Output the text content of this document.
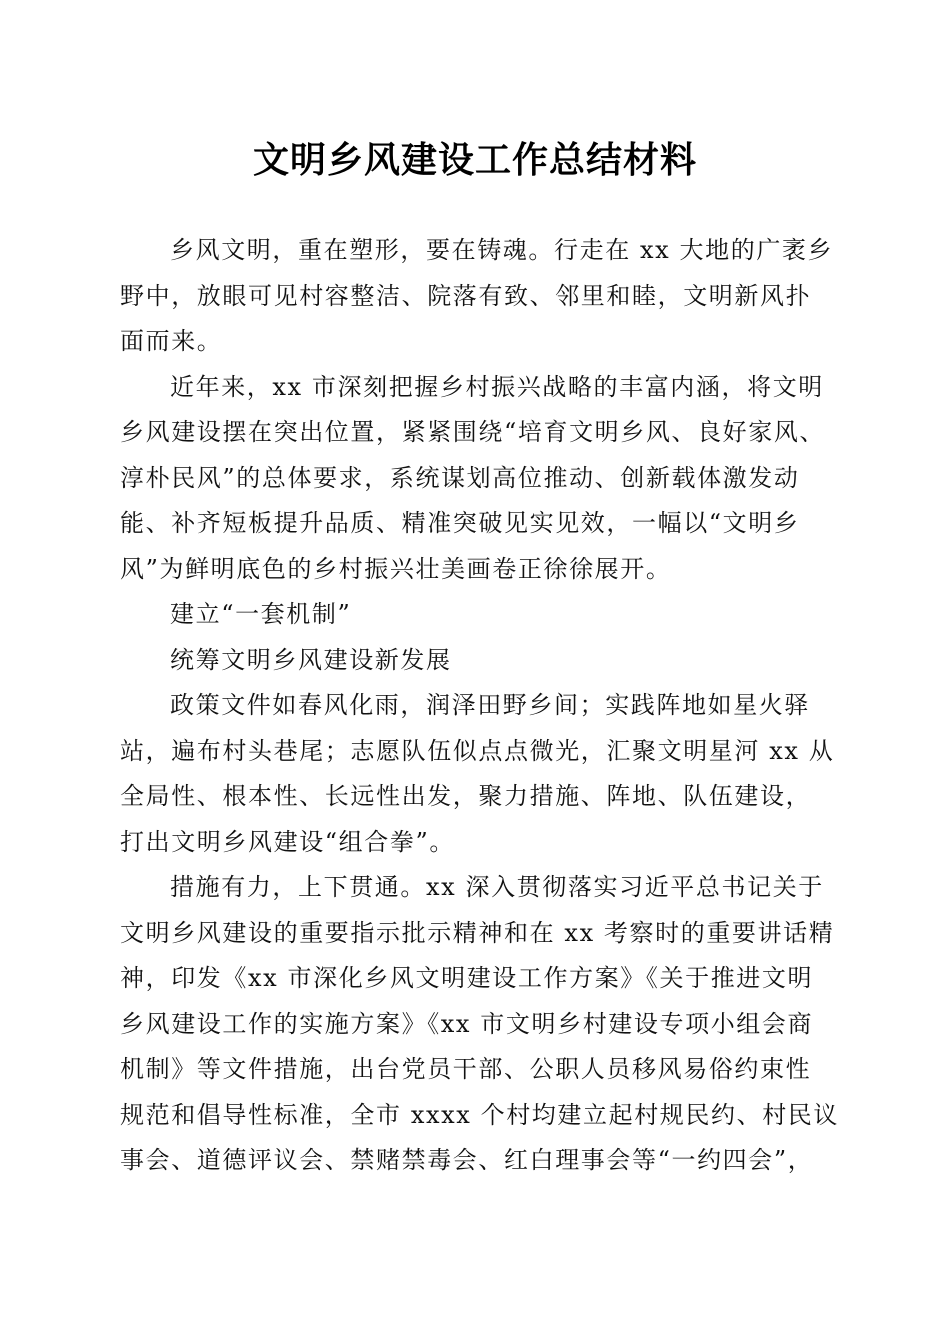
文明乡风建设工作总结材料
乡风文明，重在塑形，要在铸魂。行走在 xx 大地的广袤乡
野中，放眼可见村容整洁、院落有致、邻里和睦，文明新风扑
面而来。
近年来，xx 市深刻把握乡村振兴战略的丰富内涵，将文明
乡风建设摆在突出位置，紧紧围绕“培育文明乡风、良好家风、
淳朴民风”的总体要求，系统谋划高位推动、创新载体激发动
能、补齐短板提升品质、精准突破见实见效，一幅以“文明乡
风”为鲜明底色的乡村振兴壮美画卷正徐徐展开。
建立“一套机制”
统筹文明乡风建设新发展
政策文件如春风化雨，润泽田野乡间；实践阵地如星火驿
站，遍布村头巷尾；志愿队伍似点点微光，汇聚文明星河 xx 从
全局性、根本性、长远性出发，聚力措施、阵地、队伍建设，
打出文明乡风建设“组合拳”。
措施有力，上下贯通。xx 深入贯彻落实习近平总书记关于
文明乡风建设的重要指示批示精神和在 xx 考察时的重要讲话精
神，印发《xx 市深化乡风文明建设工作方案》《关于推进文明
乡风建设工作的实施方案》《xx 市文明乡村建设专项小组会商
机制》等文件措施，出台党员干部、公职人员移风易俗约束性
规范和倡导性标准，全市 xxxx 个村均建立起村规民约、村民议
事会、道德评议会、禁赌禁毒会、红白理事会等“一约四会”，
